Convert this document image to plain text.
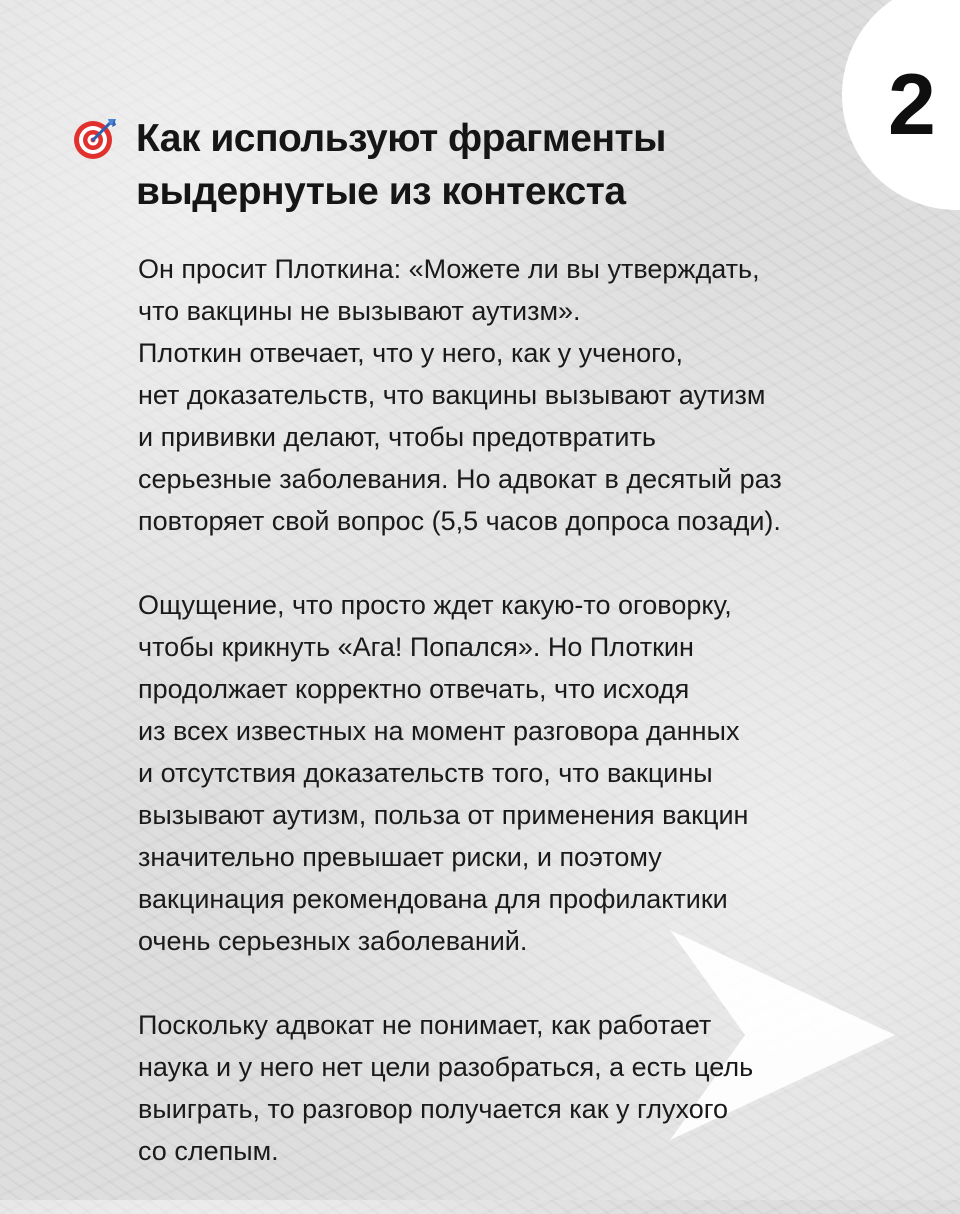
2
Как используют фрагменты
выдернутые из контекста

Он просит Плоткина: «Можете ли вы утверждать,
что вакцины не вызывают аутизм».
Плоткин отвечает, что у него, как у ученого,
нет доказательств, что вакцины вызывают аутизм
и прививки делают, чтобы предотвратить
серьезные заболевания. Но адвокат в десятый раз
повторяет свой вопрос (5,5 часов допроса позади).

Ощущение, что просто ждет какую-то оговорку,
чтобы крикнуть «Ага! Попался». Но Плоткин
продолжает корректно отвечать, что исходя
из всех известных на момент разговора данных
и отсутствия доказательств того, что вакцины
вызывают аутизм, польза от применения вакцин
значительно превышает риски, и поэтому
вакцинация рекомендована для профилактики
очень серьезных заболеваний.

Поскольку адвокат не понимает, как работает
наука и у него нет цели разобраться, а есть цель
выиграть, то разговор получается как у глухого
со слепым.
